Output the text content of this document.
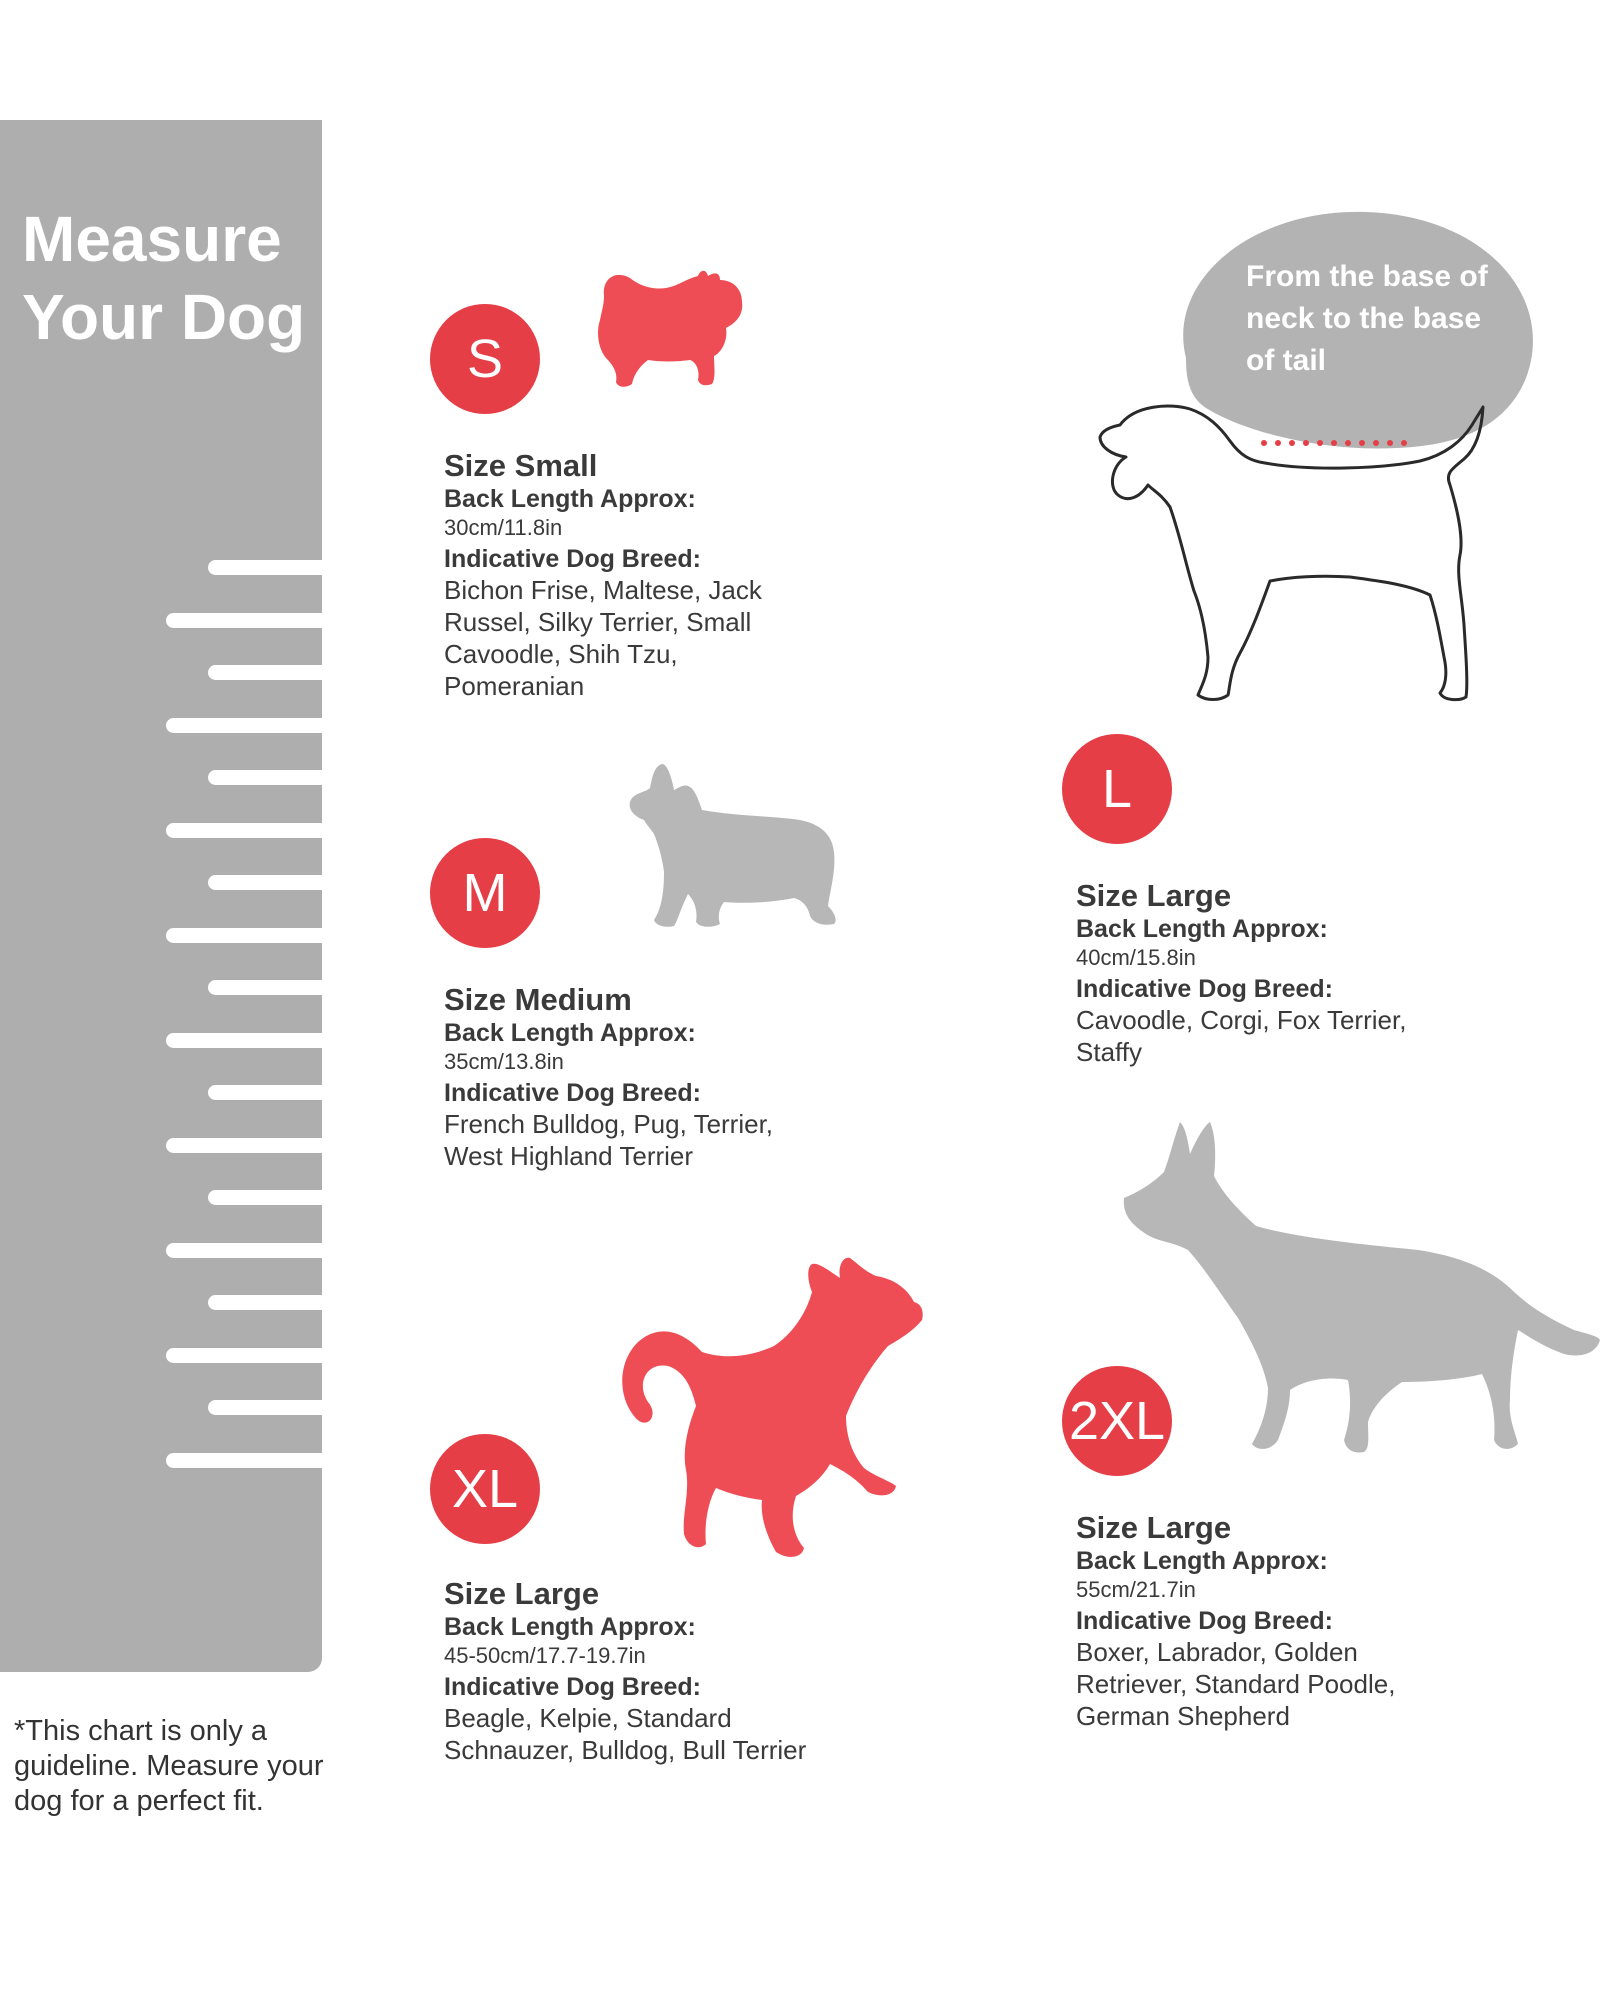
Measure Your Dog

*This chart is only a guideline. Measure your dog for a perfect fit.

From the base of neck to the base of tail
S

Size Small

Back Length Approx:

30cm/11.8in

Indicative Dog Breed:

Bichon Frise, Maltese, Jack Russel, Silky Terrier, Small Cavoodle, Shih Tzu, Pomeranian

M

Size Medium

Back Length Approx:

35cm/13.8in

Indicative Dog Breed:

French Bulldog, Pug, Terrier, West Highland Terrier

L

Size Large

Back Length Approx:

40cm/15.8in

Indicative Dog Breed:

Cavoodle, Corgi, Fox Terrier, Staffy

XL

Size Large

Back Length Approx:

45-50cm/17.7-19.7in

Indicative Dog Breed:

Beagle, Kelpie, Standard Schnauzer, Bulldog, Bull Terrier

2XL

Size Large

Back Length Approx:

55cm/21.7in

Indicative Dog Breed:

Boxer, Labrador, Golden Retriever, Standard Poodle, German Shepherd
